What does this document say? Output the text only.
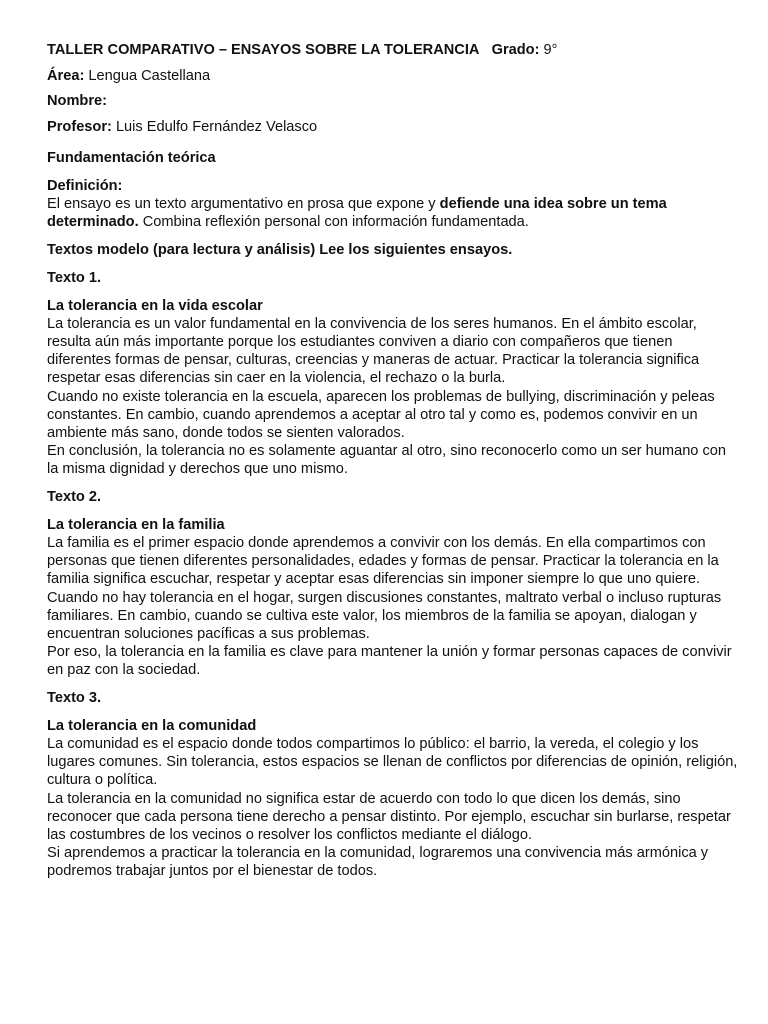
TALLER COMPARATIVO – ENSAYOS SOBRE LA TOLERANCIA Grado: 9°
Área: Lengua Castellana
Nombre:
Profesor: Luis Edulfo Fernández Velasco

Fundamentación teórica

Definición:

El ensayo es un texto argumentativo en prosa que expone y defiende una idea sobre un tema determinado. Combina reflexión personal con información fundamentada.

Textos modelo (para lectura y análisis) Lee los siguientes ensayos.

Texto 1.

La tolerancia en la vida escolar

La tolerancia es un valor fundamental en la convivencia de los seres humanos. En el ámbito escolar, resulta aún más importante porque los estudiantes conviven a diario con compañeros que tienen diferentes formas de pensar, culturas, creencias y maneras de actuar. Practicar la tolerancia significa respetar esas diferencias sin caer en la violencia, el rechazo o la burla.

Cuando no existe tolerancia en la escuela, aparecen los problemas de bullying, discriminación y peleas constantes. En cambio, cuando aprendemos a aceptar al otro tal y como es, podemos convivir en un ambiente más sano, donde todos se sienten valorados.

En conclusión, la tolerancia no es solamente aguantar al otro, sino reconocerlo como un ser humano con la misma dignidad y derechos que uno mismo.

Texto 2.

La tolerancia en la familia

La familia es el primer espacio donde aprendemos a convivir con los demás. En ella compartimos con personas que tienen diferentes personalidades, edades y formas de pensar. Practicar la tolerancia en la familia significa escuchar, respetar y aceptar esas diferencias sin imponer siempre lo que uno quiere.

Cuando no hay tolerancia en el hogar, surgen discusiones constantes, maltrato verbal o incluso rupturas familiares. En cambio, cuando se cultiva este valor, los miembros de la familia se apoyan, dialogan y encuentran soluciones pacíficas a sus problemas.

Por eso, la tolerancia en la familia es clave para mantener la unión y formar personas capaces de convivir en paz con la sociedad.

Texto 3.

La tolerancia en la comunidad

La comunidad es el espacio donde todos compartimos lo público: el barrio, la vereda, el colegio y los lugares comunes. Sin tolerancia, estos espacios se llenan de conflictos por diferencias de opinión, religión, cultura o política.

La tolerancia en la comunidad no significa estar de acuerdo con todo lo que dicen los demás, sino reconocer que cada persona tiene derecho a pensar distinto. Por ejemplo, escuchar sin burlarse, respetar las costumbres de los vecinos o resolver los conflictos mediante el diálogo.

Si aprendemos a practicar la tolerancia en la comunidad, lograremos una convivencia más armónica y podremos trabajar juntos por el bienestar de todos.
